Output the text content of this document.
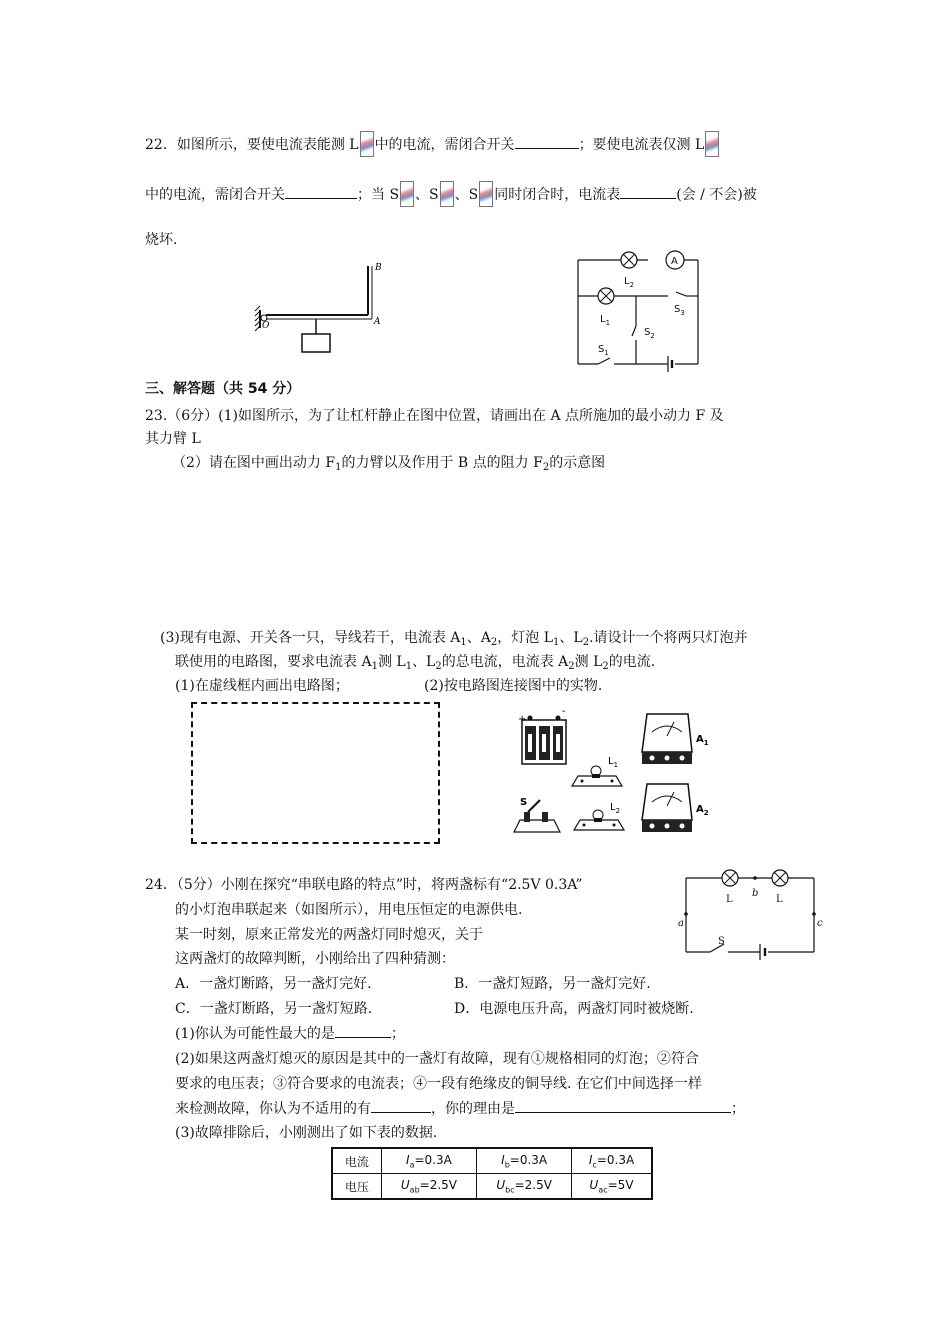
22．如图所示，要使电流表能测 L 中的电流，需闭合开关	；要使电流表仅测 L
中的电流，需闭合开关	；当 S 、S 、S 同时闭合时，电流表	(会 / 不会)被
烧坏.
B
A
O
A
$L_2$
$L_1$
$S_3$
$S_2$
$S_1$
三、解答题（共 54 分）
23.（6分）(1)如图所示，为了让杠杆静止在图中位置，请画出在 A 点所施加的最小动力 F 及
其力臂 L
（2）请在图中画出动力 $F_1$的力臂以及作用于 B 点的阻力 $F_2$的示意图
(3)现有电源、开关各一只，导线若干，电流表 $A_1$、$A_2$，灯泡 $L_1$、$L_2$.请设计一个将两只灯泡并
联使用的电路图，要求电流表 $A_1$测 $L_1$、$L_2$的总电流，电流表 $A_2$测 $L_2$的电流.
(1)在虚线框内画出电路图；	(2)按电路图连接图中的实物.
+
-
$A_1$
$L_1$
S	$L_2$	$A_2$
24．（5分）小刚在探究“串联电路的特点”时，将两盏标有“2.5V 0.3A”
的小灯泡串联起来（如图所示），用电压恒定的电源供电.
某一时刻，原来正常发光的两盏灯同时熄灭，关于
这两盏灯的故障判断，小刚给出了四种猜测：
A．一盏灯断路，另一盏灯完好.	B．一盏灯短路，另一盏灯完好.
C．一盏灯断路，另一盏灯短路.	D．电源电压升高，两盏灯同时被烧断.
(1)你认为可能性最大的是	；
(2)如果这两盏灯熄灭的原因是其中的一盏灯有故障，现有①规格相同的灯泡；②符合
要求的电压表；③符合要求的电流表；④一段有绝缘皮的铜导线. 在它们中间选择一样
来检测故障，你认为不适用的有	，你的理由是	；
(3)故障排除后，小刚测出了如下表的数据.
b
a	c
L	L
S
电流	$I_a=0.3A$	$I_b=0.3A$	$I_c=0.3A$
电压	$U_{ab}=2.5V$	$U_{bc}=2.5V$	$U_{ac}=5V$
